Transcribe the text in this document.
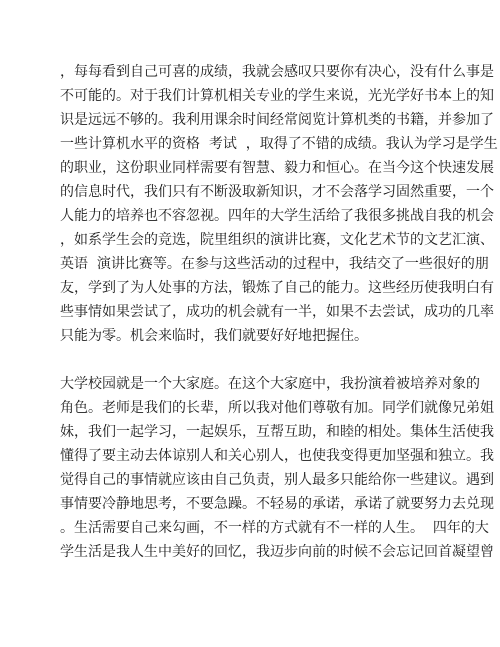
，每每看到自己可喜的成绩，我就会感叹只要你有决心，没有什么事是
不可能的。对于我们计算机相关专业的学生来说，光光学好书本上的知
识是远远不够的。我利用课余时间经常阅览计算机类的书籍，并参加了
一些计算机水平的资格  考试  ，取得了不错的成绩。我认为学习是学生
的职业，这份职业同样需要有智慧、毅力和恒心。在当今这个快速发展
的信息时代，我们只有不断汲取新知识，才不会落学习固然重要，一个
人能力的培养也不容忽视。四年的大学生活给了我很多挑战自我的机会
，如系学生会的竞选，院里组织的演讲比赛，文化艺术节的文艺汇演、
英语  演讲比赛等。在参与这些活动的过程中，我结交了一些很好的朋
友，学到了为人处事的方法，锻炼了自己的能力。这些经历使我明白有
些事情如果尝试了，成功的机会就有一半，如果不去尝试，成功的几率
只能为零。机会来临时，我们就要好好地把握住。
大学校园就是一个大家庭。在这个大家庭中，我扮演着被培养对象的
角色。老师是我们的长辈，所以我对他们尊敬有加。同学们就像兄弟姐
妹，我们一起学习，一起娱乐，互帮互助，和睦的相处。集体生活使我
懂得了要主动去体谅别人和关心别人，也使我变得更加坚强和独立。我
觉得自己的事情就应该由自己负责，别人最多只能给你一些建议。遇到
事情要冷静地思考，不要急躁。不轻易的承诺，承诺了就要努力去兑现
。生活需要自己来勾画，不一样的方式就有不一样的人生。  四年的大
学生活是我人生中美好的回忆，我迈步向前的时候不会忘记回首凝望曾
